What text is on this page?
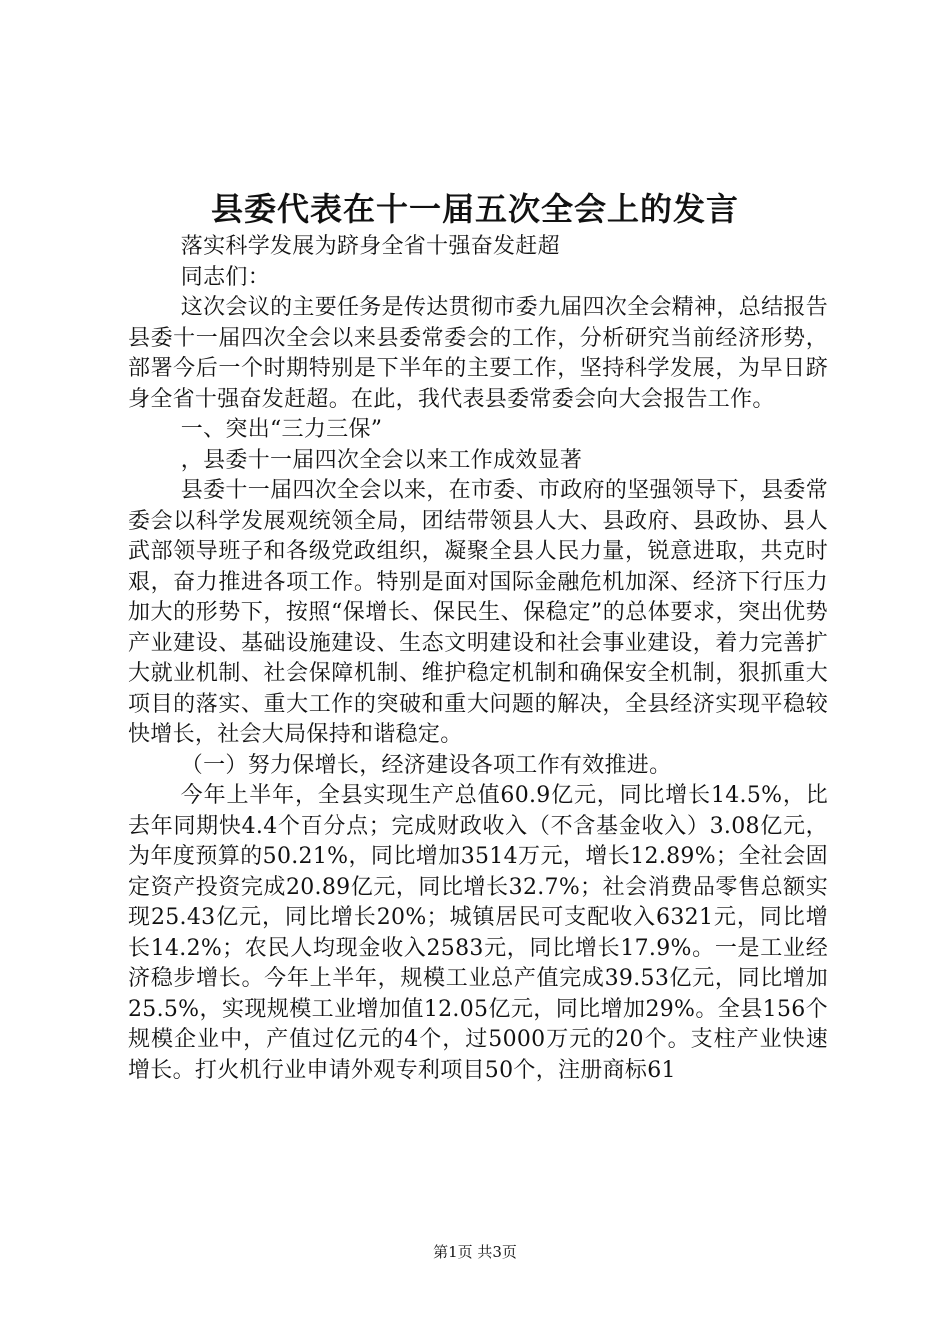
县委代表在十一届五次全会上的发言

落实科学发展为跻身全省十强奋发赶超

同志们：

这次会议的主要任务是传达贯彻市委九届四次全会精神，总结报告县委十一届四次全会以来县委常委会的工作，分析研究当前经济形势，部署今后一个时期特别是下半年的主要工作，坚持科学发展，为早日跻身全省十强奋发赶超。在此，我代表县委常委会向大会报告工作。

一、突出“三力三保”

，县委十一届四次全会以来工作成效显著

县委十一届四次全会以来，在市委、市政府的坚强领导下，县委常委会以科学发展观统领全局，团结带领县人大、县政府、县政协、县人武部领导班子和各级党政组织，凝聚全县人民力量，锐意进取，共克时艰，奋力推进各项工作。特别是面对国际金融危机加深、经济下行压力加大的形势下，按照“保增长、保民生、保稳定”的总体要求，突出优势产业建设、基础设施建设、生态文明建设和社会事业建设，着力完善扩大就业机制、社会保障机制、维护稳定机制和确保安全机制，狠抓重大项目的落实、重大工作的突破和重大问题的解决，全县经济实现平稳较快增长，社会大局保持和谐稳定。

（一）努力保增长，经济建设各项工作有效推进。

今年上半年，全县实现生产总值60.9亿元，同比增长14.5%，比去年同期快4.4个百分点；完成财政收入（不含基金收入）3.08亿元，为年度预算的50.21%，同比增加3514万元，增长12.89%；全社会固定资产投资完成20.89亿元，同比增长32.7%；社会消费品零售总额实现25.43亿元，同比增长20%；城镇居民可支配收入6321元，同比增长14.2%；农民人均现金收入2583元，同比增长17.9%。一是工业经济稳步增长。今年上半年，规模工业总产值完成39.53亿元，同比增加25.5%，实现规模工业增加值12.05亿元，同比增加29%。全县156个规模企业中，产值过亿元的4个，过5000万元的20个。支柱产业快速增长。打火机行业申请外观专利项目50个，注册商标61

第1页 共3页
